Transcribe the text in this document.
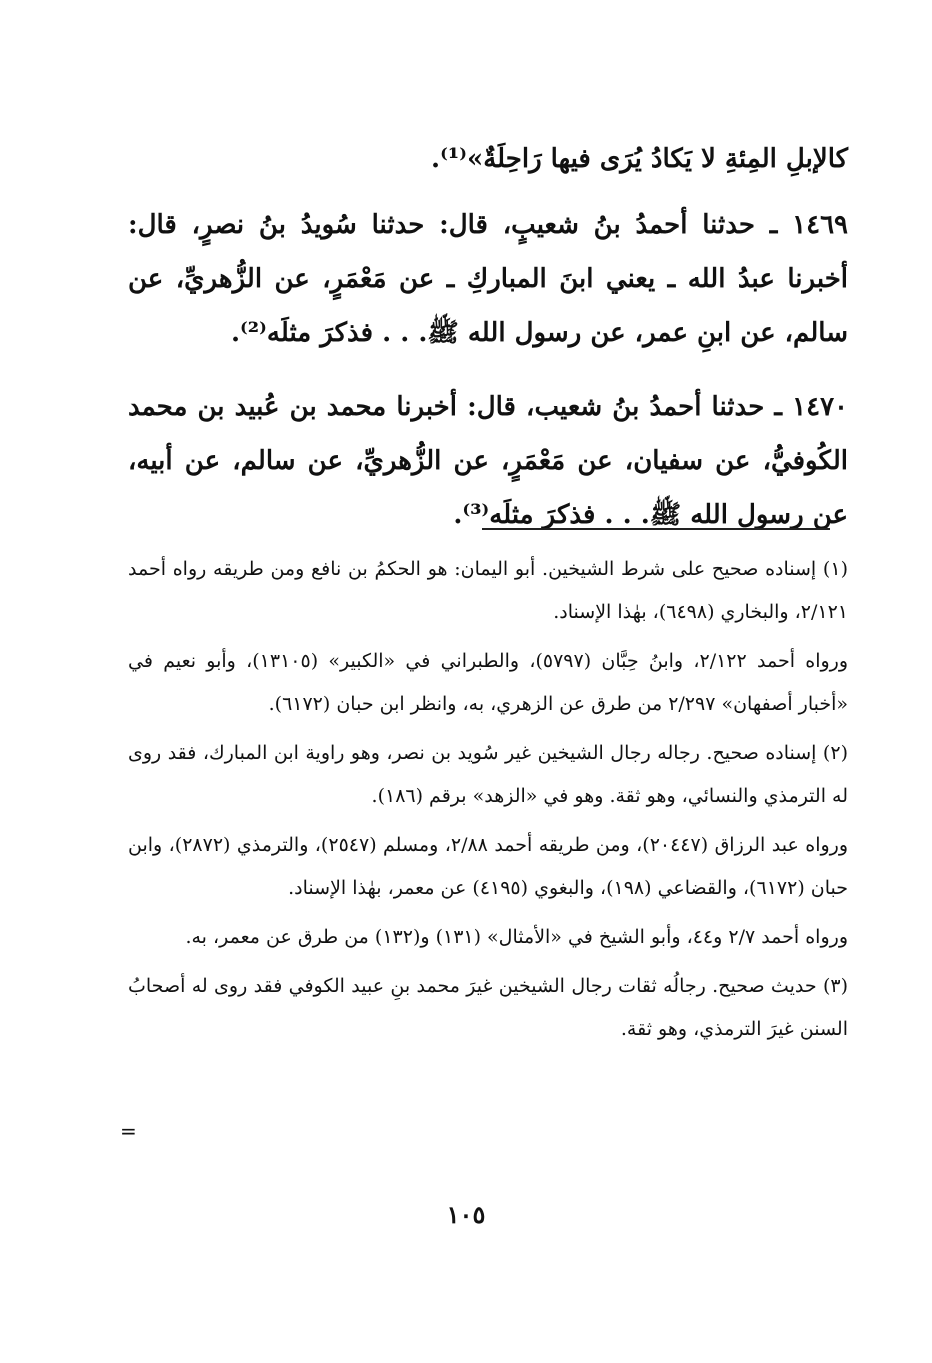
كالإبلِ المِئةِ لا يَكادُ يُرَى فيها رَاحِلَةٌ»⁽¹⁾.

١٤٦٩ ـ حدثنا أحمدُ بنُ شعيبٍ، قال: حدثنا سُويدُ بنُ نصرٍ، قال: أخبرنا عبدُ الله ـ يعني ابنَ المباركِ ـ عن مَعْمَرٍ، عن الزُّهريِّ، عن سالم، عن ابنِ عمر، عن رسول الله ﷺ. . . فذكرَ مثلَه⁽²⁾.

١٤٧٠ ـ حدثنا أحمدُ بنُ شعيب، قال: أخبرنا محمد بن عُبيد بن محمد الكُوفيُّ، عن سفيان، عن مَعْمَرٍ، عن الزُّهريِّ، عن سالم، عن أبيه، عن رسول الله ﷺ. . . فذكرَ مثلَه⁽³⁾.

(١) إسناده صحيح على شرط الشيخين. أبو اليمان: هو الحكمُ بن نافع ومن طريقه رواه أحمد ٢/١٢١، والبخاري (٦٤٩٨)، بهٰذا الإسناد.

ورواه أحمد ٢/١٢٢، وابنُ حِبَّان (٥٧٩٧)، والطبراني في «الكبير» (١٣١٠٥)، وأبو نعيم في «أخبار أصفهان» ٢/٢٩٧ من طرق عن الزهري، به، وانظر ابن حبان (٦١٧٢).

(٢) إسناده صحيح. رجاله رجال الشيخين غير سُويد بن نصر، وهو راوية ابن المبارك، فقد روى له الترمذي والنسائي، وهو ثقة. وهو في «الزهد» برقم (١٨٦).

ورواه عبد الرزاق (٢٠٤٤٧)، ومن طريقه أحمد ٢/٨٨، ومسلم (٢٥٤٧)، والترمذي (٢٨٧٢)، وابن حبان (٦١٧٢)، والقضاعي (١٩٨)، والبغوي (٤١٩٥) عن معمر، بهٰذا الإسناد.

ورواه أحمد ٢/٧ و٤٤، وأبو الشيخ في «الأمثال» (١٣١) و(١٣٢) من طرق عن معمر، به.

(٣) حديث صحيح. رجالُه ثقات رجال الشيخين غيرَ محمد بنِ عبيد الكوفي فقد روى له أصحابُ السنن غيرَ الترمذي، وهو ثقة.

=
١٠٥
